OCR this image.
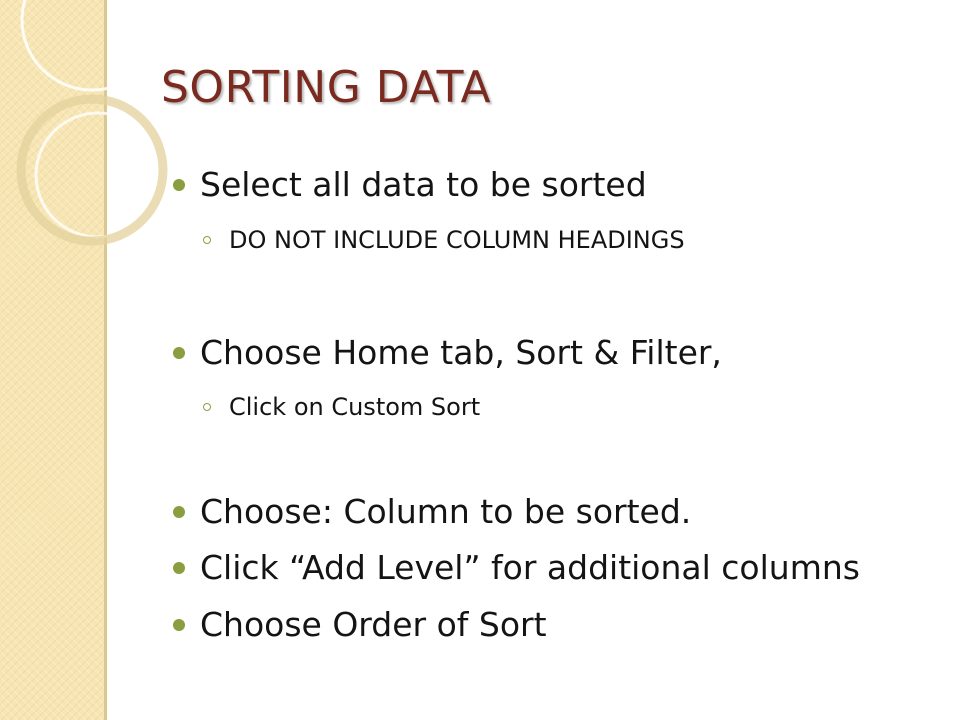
SORTING DATA
Select all data to be sorted
DO NOT INCLUDE COLUMN HEADINGS
Choose Home tab, Sort & Filter,
Click on Custom Sort
Choose: Column to be sorted.
Click “Add Level” for additional columns
Choose Order of Sort
